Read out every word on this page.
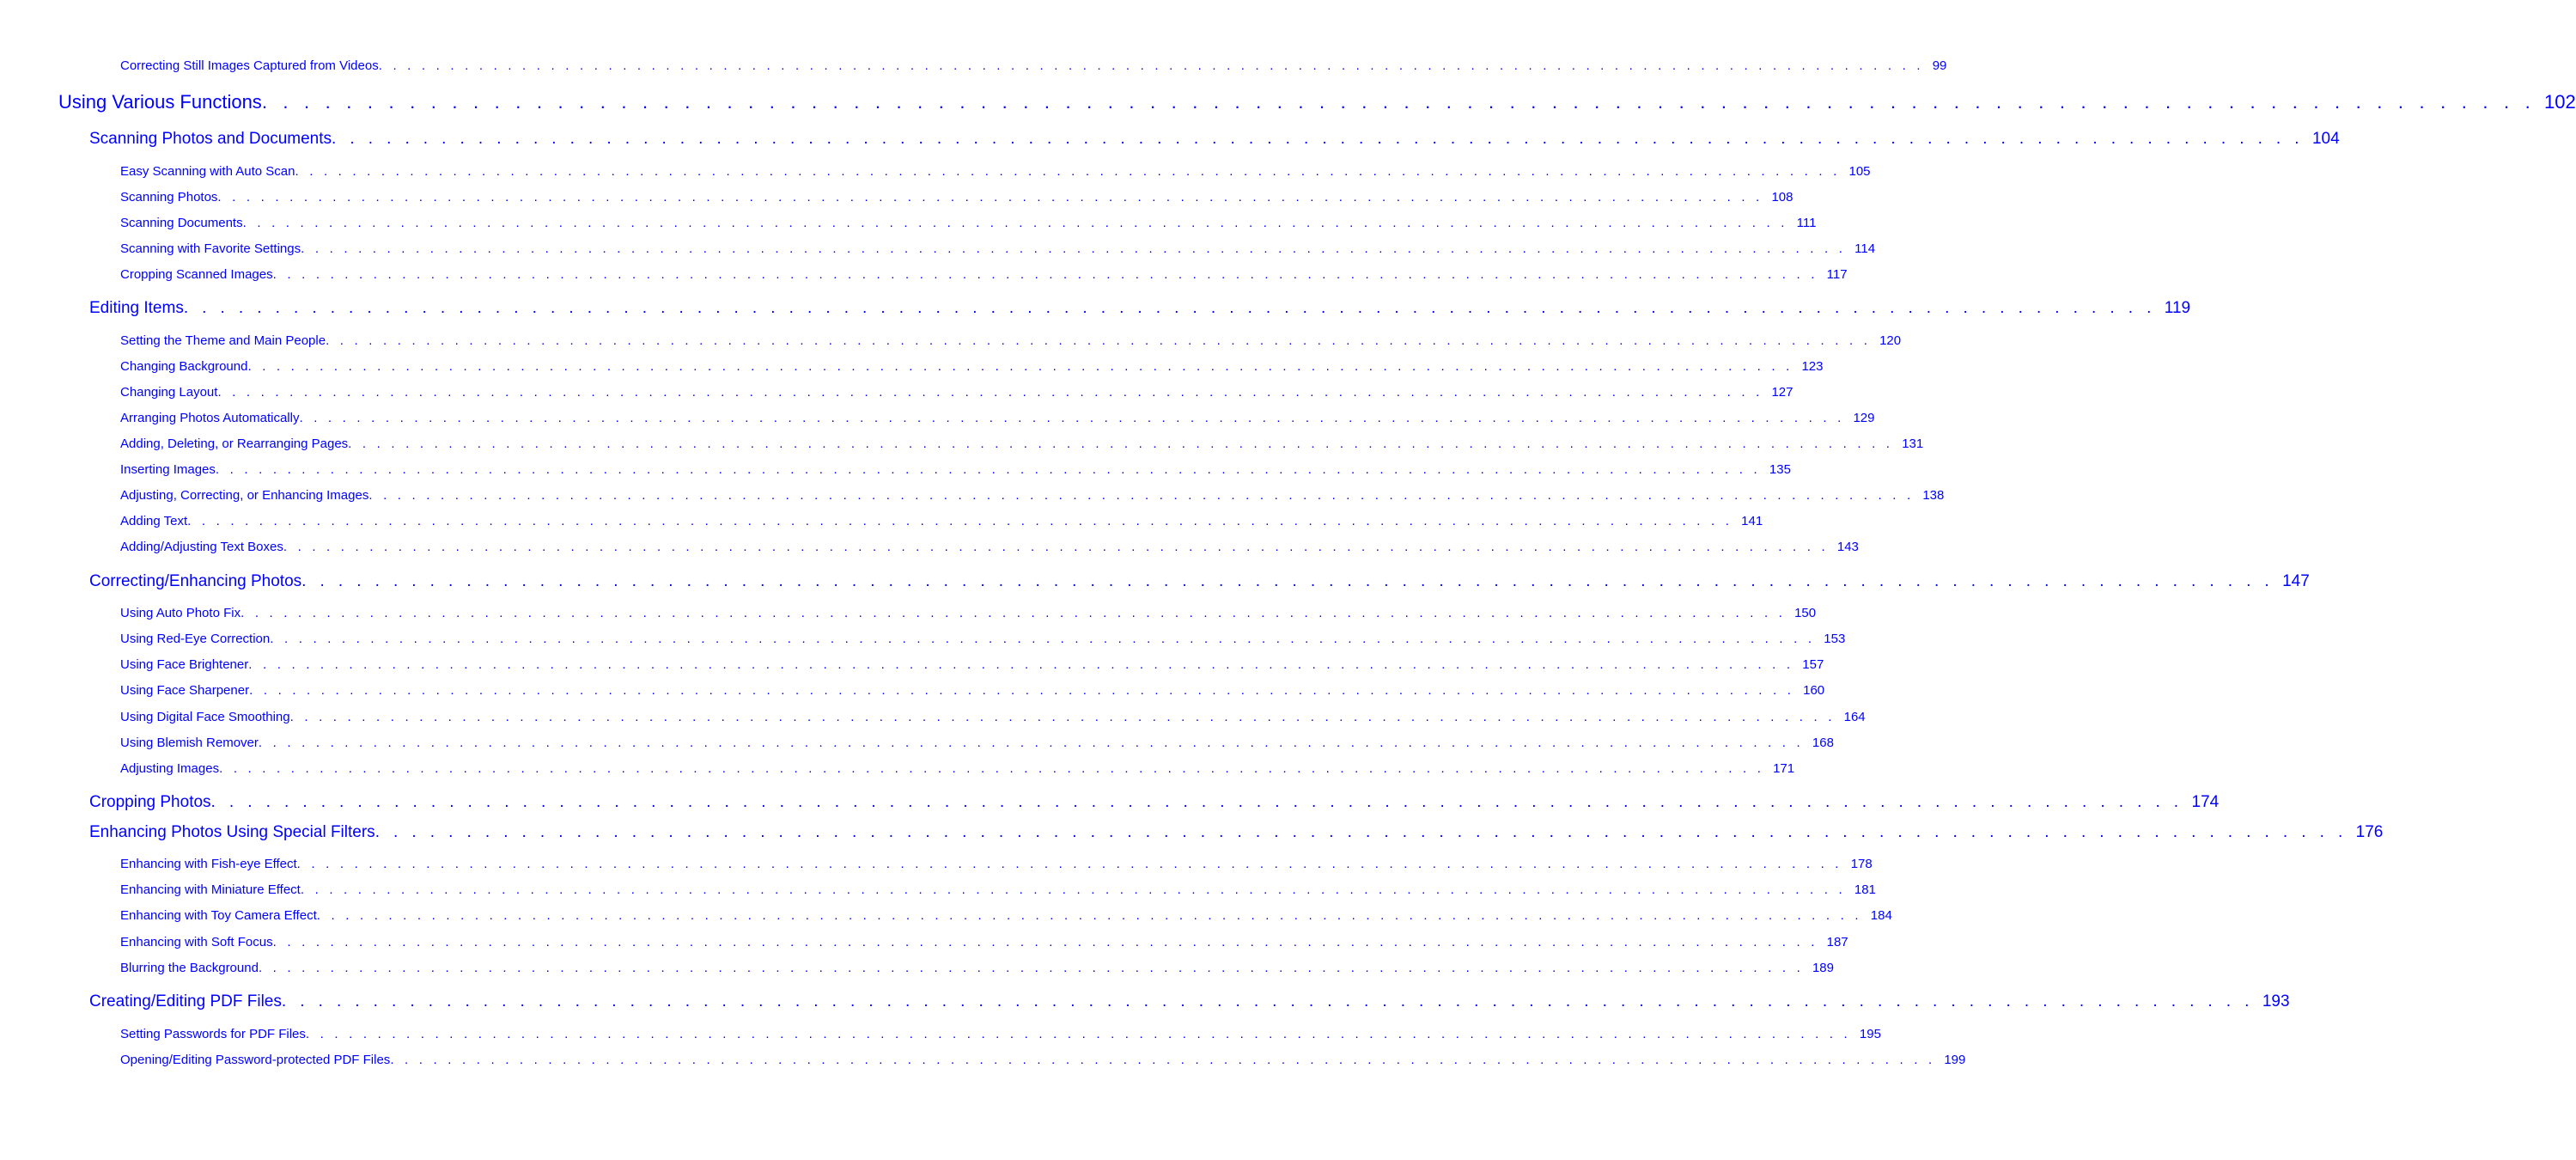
Correcting Still Images Captured from Videos . . . . . . . . . . . . . . . . . . . . . . . . . . . . . . . . . . . . . . . . . . . . . . . . . . . . . . . . . . . . . . . . . . . . . . . . . . . . . . . . . . . . . . . . . . . . . . . . . . . . . . . . . . . . 99
Using Various Functions . . . . . . . . . . . . . . . . . . . . . . . . . . . . . . . . . . . . . . . . . . . . . . . . . . . . . . . . . . . . . . . . . . . . . . . . . . . . . . . . . . . . . . . . . . . . . . . . . . . . . . . . . . . . 102
Scanning Photos and Documents . . . . . . . . . . . . . . . . . . . . . . . . . . . . . . . . . . . . . . . . . . . . . . . . . . . . . . . . . . . . . . . . . . . . . . . . . . . . . . . . . . . . . . . . . . . . . . . . . . . . . . . . . . . . 104
Easy Scanning with Auto Scan . . . . . . . . . . . . . . . . . . . . . . . . . . . . . . . . . . . . . . . . . . . . . . . . . . . . . . . . . . . . . . . . . . . . . . . . . . . . . . . . . . . . . . . . . . . . . . . . . . . . . . . . . . . . 105
Scanning Photos . . . . . . . . . . . . . . . . . . . . . . . . . . . . . . . . . . . . . . . . . . . . . . . . . . . . . . . . . . . . . . . . . . . . . . . . . . . . . . . . . . . . . . . . . . . . . . . . . . . . . . . . . . . . 108
Scanning Documents . . . . . . . . . . . . . . . . . . . . . . . . . . . . . . . . . . . . . . . . . . . . . . . . . . . . . . . . . . . . . . . . . . . . . . . . . . . . . . . . . . . . . . . . . . . . . . . . . . . . . . . . . . . . 111
Scanning with Favorite Settings . . . . . . . . . . . . . . . . . . . . . . . . . . . . . . . . . . . . . . . . . . . . . . . . . . . . . . . . . . . . . . . . . . . . . . . . . . . . . . . . . . . . . . . . . . . . . . . . . . . . . . . . . . . . 114
Cropping Scanned Images . . . . . . . . . . . . . . . . . . . . . . . . . . . . . . . . . . . . . . . . . . . . . . . . . . . . . . . . . . . . . . . . . . . . . . . . . . . . . . . . . . . . . . . . . . . . . . . . . . . . . . . . . . . . 117
Editing Items . . . . . . . . . . . . . . . . . . . . . . . . . . . . . . . . . . . . . . . . . . . . . . . . . . . . . . . . . . . . . . . . . . . . . . . . . . . . . . . . . . . . . . . . . . . . . . . . . . . . . . . . . . . . 119
Setting the Theme and Main People . . . . . . . . . . . . . . . . . . . . . . . . . . . . . . . . . . . . . . . . . . . . . . . . . . . . . . . . . . . . . . . . . . . . . . . . . . . . . . . . . . . . . . . . . . . . . . . . . . . . . . . . . . . . 120
Changing Background . . . . . . . . . . . . . . . . . . . . . . . . . . . . . . . . . . . . . . . . . . . . . . . . . . . . . . . . . . . . . . . . . . . . . . . . . . . . . . . . . . . . . . . . . . . . . . . . . . . . . . . . . . . . 123
Changing Layout . . . . . . . . . . . . . . . . . . . . . . . . . . . . . . . . . . . . . . . . . . . . . . . . . . . . . . . . . . . . . . . . . . . . . . . . . . . . . . . . . . . . . . . . . . . . . . . . . . . . . . . . . . . . 127
Arranging Photos Automatically . . . . . . . . . . . . . . . . . . . . . . . . . . . . . . . . . . . . . . . . . . . . . . . . . . . . . . . . . . . . . . . . . . . . . . . . . . . . . . . . . . . . . . . . . . . . . . . . . . . . . . . . . . . . 129
Adding, Deleting, or Rearranging Pages . . . . . . . . . . . . . . . . . . . . . . . . . . . . . . . . . . . . . . . . . . . . . . . . . . . . . . . . . . . . . . . . . . . . . . . . . . . . . . . . . . . . . . . . . . . . . . . . . . . . . . . . . . . . 131
Inserting Images . . . . . . . . . . . . . . . . . . . . . . . . . . . . . . . . . . . . . . . . . . . . . . . . . . . . . . . . . . . . . . . . . . . . . . . . . . . . . . . . . . . . . . . . . . . . . . . . . . . . . . . . . . . . 135
Adjusting, Correcting, or Enhancing Images . . . . . . . . . . . . . . . . . . . . . . . . . . . . . . . . . . . . . . . . . . . . . . . . . . . . . . . . . . . . . . . . . . . . . . . . . . . . . . . . . . . . . . . . . . . . . . . . . . . . . . . . . . . . 138
Adding Text . . . . . . . . . . . . . . . . . . . . . . . . . . . . . . . . . . . . . . . . . . . . . . . . . . . . . . . . . . . . . . . . . . . . . . . . . . . . . . . . . . . . . . . . . . . . . . . . . . . . . . . . . . . . 141
Adding/Adjusting Text Boxes . . . . . . . . . . . . . . . . . . . . . . . . . . . . . . . . . . . . . . . . . . . . . . . . . . . . . . . . . . . . . . . . . . . . . . . . . . . . . . . . . . . . . . . . . . . . . . . . . . . . . . . . . . . . 143
Correcting/Enhancing Photos . . . . . . . . . . . . . . . . . . . . . . . . . . . . . . . . . . . . . . . . . . . . . . . . . . . . . . . . . . . . . . . . . . . . . . . . . . . . . . . . . . . . . . . . . . . . . . . . . . . . . . . . . . . . 147
Using Auto Photo Fix . . . . . . . . . . . . . . . . . . . . . . . . . . . . . . . . . . . . . . . . . . . . . . . . . . . . . . . . . . . . . . . . . . . . . . . . . . . . . . . . . . . . . . . . . . . . . . . . . . . . . . . . . . . . 150
Using Red-Eye Correction . . . . . . . . . . . . . . . . . . . . . . . . . . . . . . . . . . . . . . . . . . . . . . . . . . . . . . . . . . . . . . . . . . . . . . . . . . . . . . . . . . . . . . . . . . . . . . . . . . . . . . . . . . . . 153
Using Face Brightener . . . . . . . . . . . . . . . . . . . . . . . . . . . . . . . . . . . . . . . . . . . . . . . . . . . . . . . . . . . . . . . . . . . . . . . . . . . . . . . . . . . . . . . . . . . . . . . . . . . . . . . . . . . . 157
Using Face Sharpener . . . . . . . . . . . . . . . . . . . . . . . . . . . . . . . . . . . . . . . . . . . . . . . . . . . . . . . . . . . . . . . . . . . . . . . . . . . . . . . . . . . . . . . . . . . . . . . . . . . . . . . . . . . . 160
Using Digital Face Smoothing . . . . . . . . . . . . . . . . . . . . . . . . . . . . . . . . . . . . . . . . . . . . . . . . . . . . . . . . . . . . . . . . . . . . . . . . . . . . . . . . . . . . . . . . . . . . . . . . . . . . . . . . . . . . 164
Using Blemish Remover . . . . . . . . . . . . . . . . . . . . . . . . . . . . . . . . . . . . . . . . . . . . . . . . . . . . . . . . . . . . . . . . . . . . . . . . . . . . . . . . . . . . . . . . . . . . . . . . . . . . . . . . . . . . 168
Adjusting Images . . . . . . . . . . . . . . . . . . . . . . . . . . . . . . . . . . . . . . . . . . . . . . . . . . . . . . . . . . . . . . . . . . . . . . . . . . . . . . . . . . . . . . . . . . . . . . . . . . . . . . . . . . . . 171
Cropping Photos . . . . . . . . . . . . . . . . . . . . . . . . . . . . . . . . . . . . . . . . . . . . . . . . . . . . . . . . . . . . . . . . . . . . . . . . . . . . . . . . . . . . . . . . . . . . . . . . . . . . . . . . . . . . 174
Enhancing Photos Using Special Filters . . . . . . . . . . . . . . . . . . . . . . . . . . . . . . . . . . . . . . . . . . . . . . . . . . . . . . . . . . . . . . . . . . . . . . . . . . . . . . . . . . . . . . . . . . . . . . . . . . . . . . . . . . . . 176
Enhancing with Fish-eye Effect . . . . . . . . . . . . . . . . . . . . . . . . . . . . . . . . . . . . . . . . . . . . . . . . . . . . . . . . . . . . . . . . . . . . . . . . . . . . . . . . . . . . . . . . . . . . . . . . . . . . . . . . . . . . 178
Enhancing with Miniature Effect . . . . . . . . . . . . . . . . . . . . . . . . . . . . . . . . . . . . . . . . . . . . . . . . . . . . . . . . . . . . . . . . . . . . . . . . . . . . . . . . . . . . . . . . . . . . . . . . . . . . . . . . . . . . 181
Enhancing with Toy Camera Effect . . . . . . . . . . . . . . . . . . . . . . . . . . . . . . . . . . . . . . . . . . . . . . . . . . . . . . . . . . . . . . . . . . . . . . . . . . . . . . . . . . . . . . . . . . . . . . . . . . . . . . . . . . . . 184
Enhancing with Soft Focus . . . . . . . . . . . . . . . . . . . . . . . . . . . . . . . . . . . . . . . . . . . . . . . . . . . . . . . . . . . . . . . . . . . . . . . . . . . . . . . . . . . . . . . . . . . . . . . . . . . . . . . . . . . . 187
Blurring the Background . . . . . . . . . . . . . . . . . . . . . . . . . . . . . . . . . . . . . . . . . . . . . . . . . . . . . . . . . . . . . . . . . . . . . . . . . . . . . . . . . . . . . . . . . . . . . . . . . . . . . . . . . . . . 189
Creating/Editing PDF Files . . . . . . . . . . . . . . . . . . . . . . . . . . . . . . . . . . . . . . . . . . . . . . . . . . . . . . . . . . . . . . . . . . . . . . . . . . . . . . . . . . . . . . . . . . . . . . . . . . . . . . . . . . . . 193
Setting Passwords for PDF Files . . . . . . . . . . . . . . . . . . . . . . . . . . . . . . . . . . . . . . . . . . . . . . . . . . . . . . . . . . . . . . . . . . . . . . . . . . . . . . . . . . . . . . . . . . . . . . . . . . . . . . . . . . . . 195
Opening/Editing Password-protected PDF Files . . . . . . . . . . . . . . . . . . . . . . . . . . . . . . . . . . . . . . . . . . . . . . . . . . . . . . . . . . . . . . . . . . . . . . . . . . . . . . . . . . . . . . . . . . . . . . . . . . . . . . . . . . . . 199
